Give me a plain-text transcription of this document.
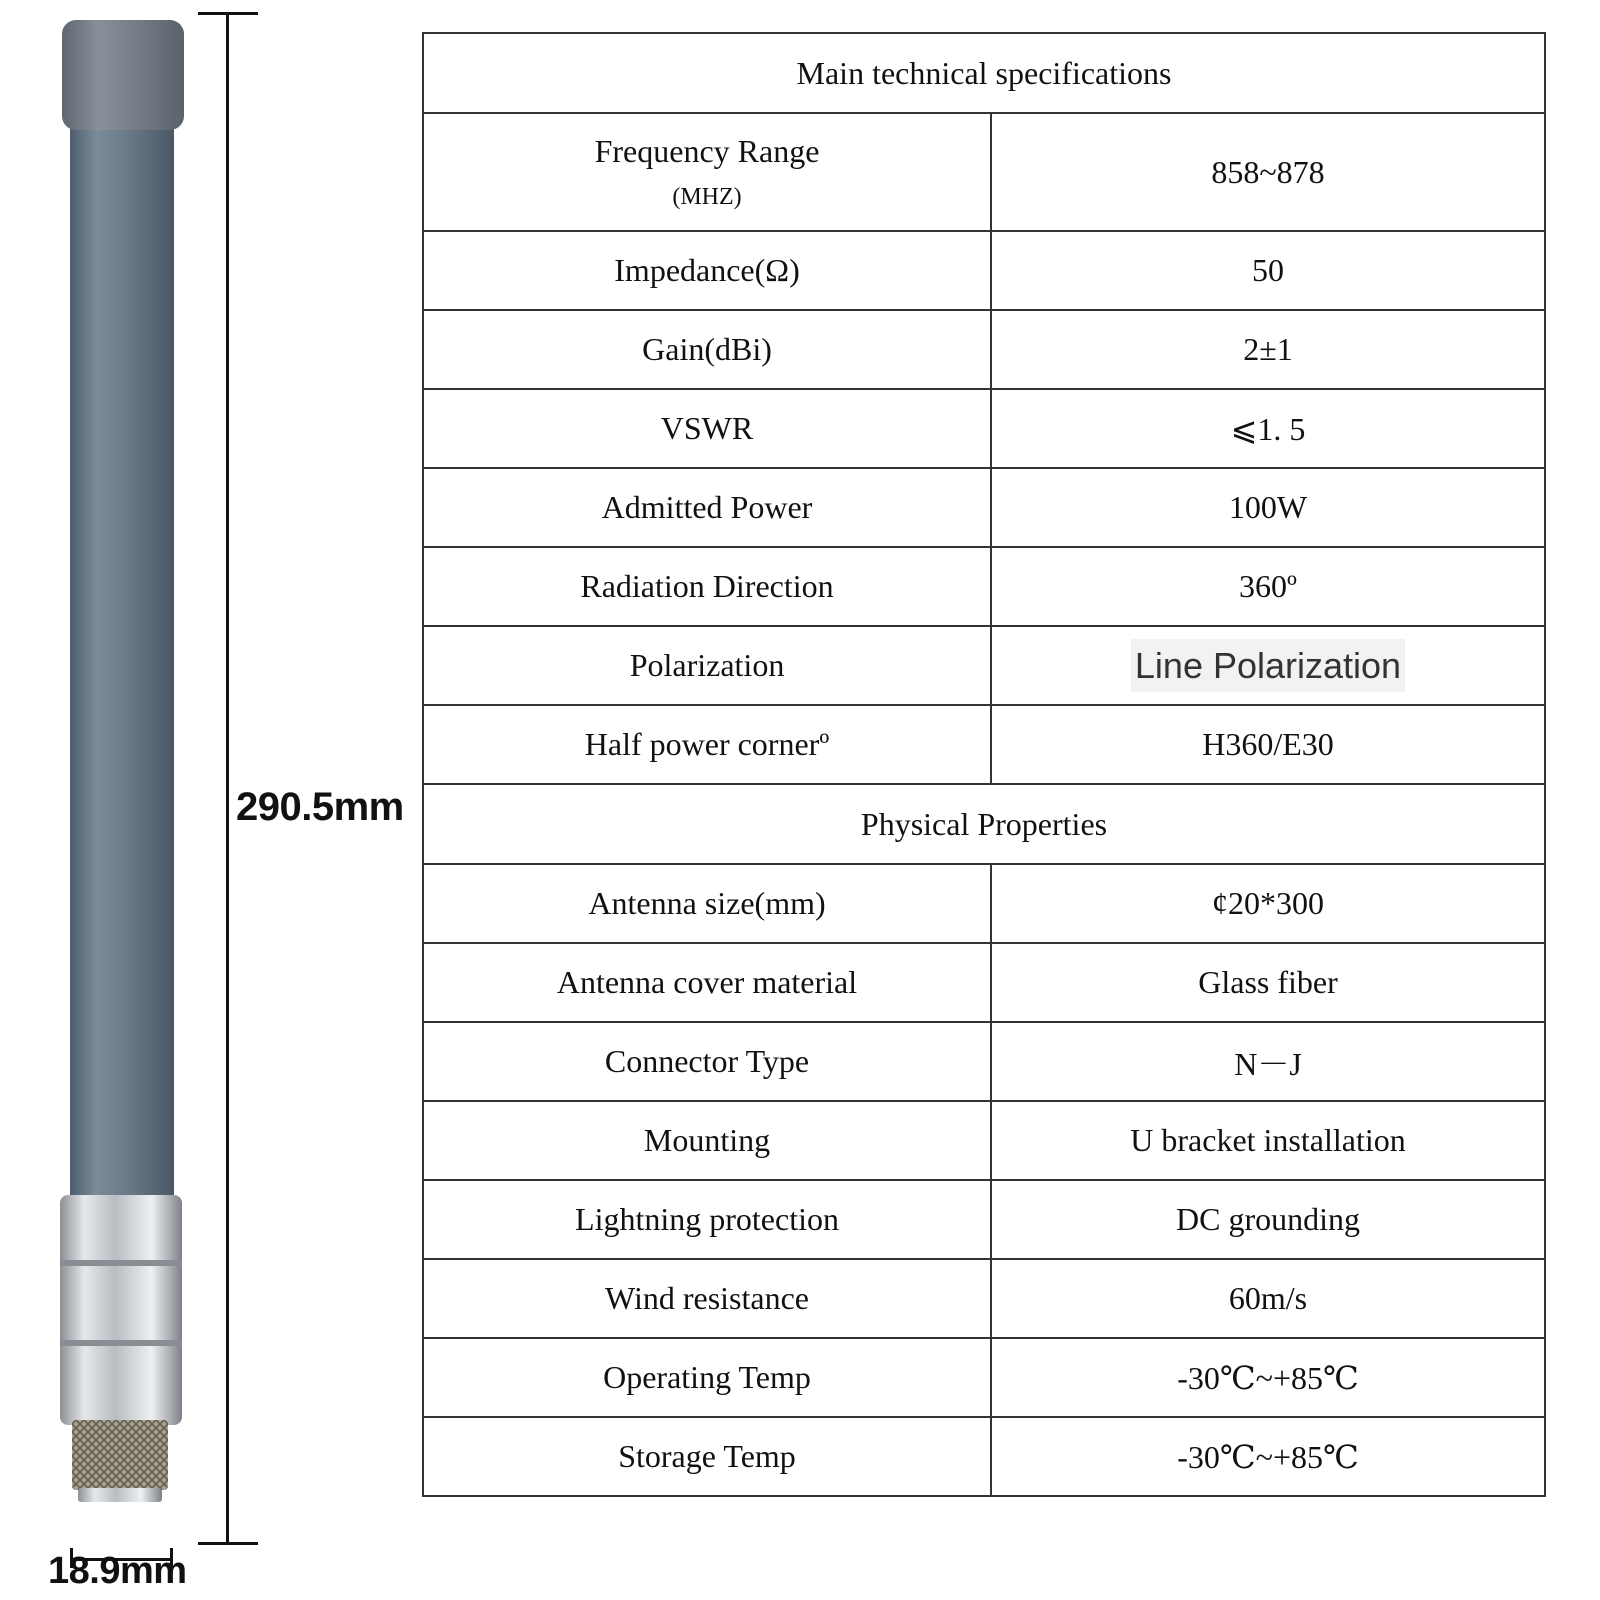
290.5mm
18.9mm
Main technical specifications	

Frequency Range
(MHZ)	858~878
Impedance(Ω)	50
Gain(dBi)	2±1
VSWR	⩽1. 5
Admitted Power	100W
Radiation Direction	360º
Polarization	Line Polarization
Half power cornerº	H360/E30
Physical Properties	
Antenna size(mm)	¢20*300
Antenna cover material	Glass fiber
Connector Type	N－J
Mounting	U bracket installation
Lightning protection	DC grounding
Wind resistance	60m/s
Operating Temp	-30℃~+85℃
Storage Temp	-30℃~+85℃
